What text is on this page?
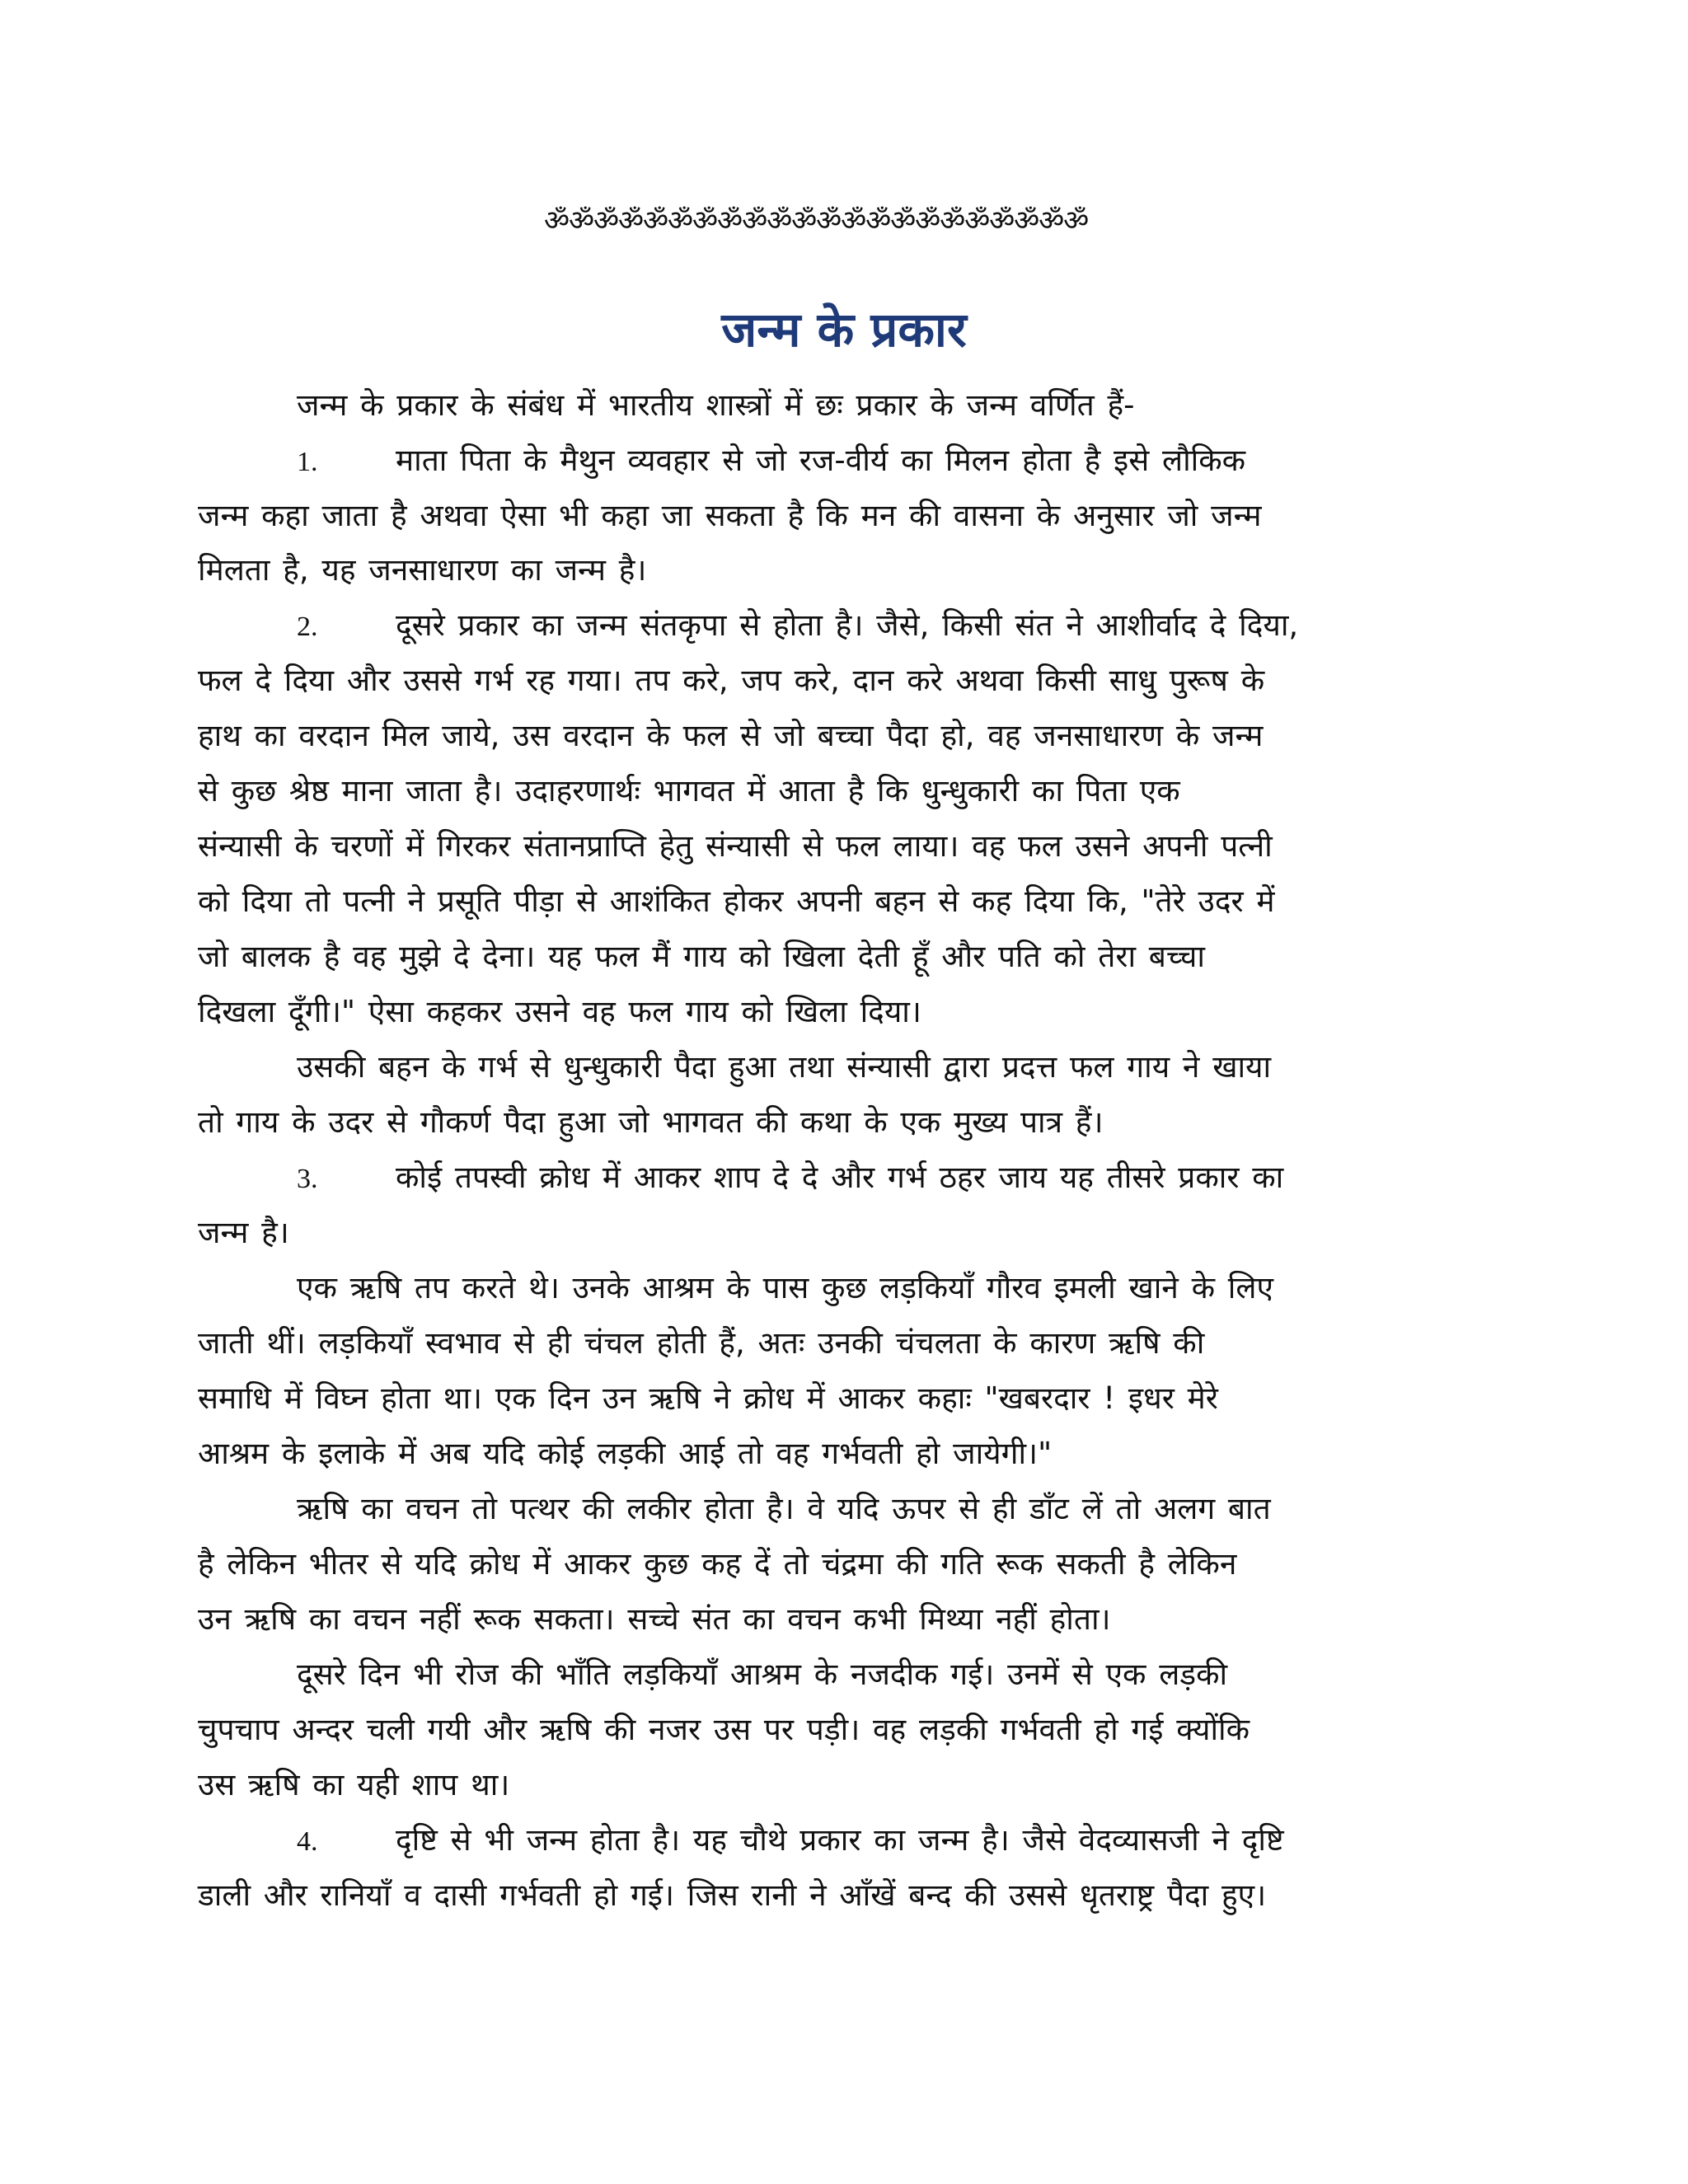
ॐॐॐॐॐॐॐॐॐॐॐॐॐॐॐॐॐॐॐॐॐॐ
जन्म के प्रकार
जन्म के प्रकार के संबंध में भारतीय शास्त्रों में छः प्रकार के जन्म वर्णित हैं-
1.	माता पिता के मैथुन व्यवहार से जो रज-वीर्य का मिलन होता है इसे लौकिक
जन्म कहा जाता है अथवा ऐसा भी कहा जा सकता है कि मन की वासना के अनुसार जो जन्म
मिलता है, यह जनसाधारण का जन्म है।
2.	दूसरे प्रकार का जन्म संतकृपा से होता है। जैसे, किसी संत ने आशीर्वाद दे दिया,
फल दे दिया और उससे गर्भ रह गया। तप करे, जप करे, दान करे अथवा किसी साधु पुरूष के
हाथ का वरदान मिल जाये, उस वरदान के फल से जो बच्चा पैदा हो, वह जनसाधारण के जन्म
से कुछ श्रेष्ठ माना जाता है। उदाहरणार्थः भागवत में आता है कि धुन्धुकारी का पिता एक
संन्यासी के चरणों में गिरकर संतानप्राप्ति हेतु संन्यासी से फल लाया। वह फल उसने अपनी पत्नी
को दिया तो पत्नी ने प्रसूति पीड़ा से आशंकित होकर अपनी बहन से कह दिया कि, "तेरे उदर में
जो बालक है वह मुझे दे देना। यह फल मैं गाय को खिला देती हूँ और पति को तेरा बच्चा
दिखला दूँगी।" ऐसा कहकर उसने वह फल गाय को खिला दिया।
उसकी बहन के गर्भ से धुन्धुकारी पैदा हुआ तथा संन्यासी द्वारा प्रदत्त फल गाय ने खाया
तो गाय के उदर से गौकर्ण पैदा हुआ जो भागवत की कथा के एक मुख्य पात्र हैं।
3.	कोई तपस्वी क्रोध में आकर शाप दे दे और गर्भ ठहर जाय यह तीसरे प्रकार का
जन्म है।
एक ऋषि तप करते थे। उनके आश्रम के पास कुछ लड़कियाँ गौरव इमली खाने के लिए
जाती थीं। लड़कियाँ स्वभाव से ही चंचल होती हैं, अतः उनकी चंचलता के कारण ऋषि की
समाधि में विघ्न होता था। एक दिन उन ऋषि ने क्रोध में आकर कहाः "खबरदार ! इधर मेरे
आश्रम के इलाके में अब यदि कोई लड़की आई तो वह गर्भवती हो जायेगी।"
ऋषि का वचन तो पत्थर की लकीर होता है। वे यदि ऊपर से ही डाँट लें तो अलग बात
है लेकिन भीतर से यदि क्रोध में आकर कुछ कह दें तो चंद्रमा की गति रूक सकती है लेकिन
उन ऋषि का वचन नहीं रूक सकता। सच्चे संत का वचन कभी मिथ्या नहीं होता।
दूसरे दिन भी रोज की भाँति लड़कियाँ आश्रम के नजदीक गई। उनमें से एक लड़की
चुपचाप अन्दर चली गयी और ऋषि की नजर उस पर पड़ी। वह लड़की गर्भवती हो गई क्योंकि
उस ऋषि का यही शाप था।
4.	दृष्टि से भी जन्म होता है। यह चौथे प्रकार का जन्म है। जैसे वेदव्यासजी ने दृष्टि
डाली और रानियाँ व दासी गर्भवती हो गई। जिस रानी ने आँखें बन्द की उससे धृतराष्ट्र पैदा हुए।
